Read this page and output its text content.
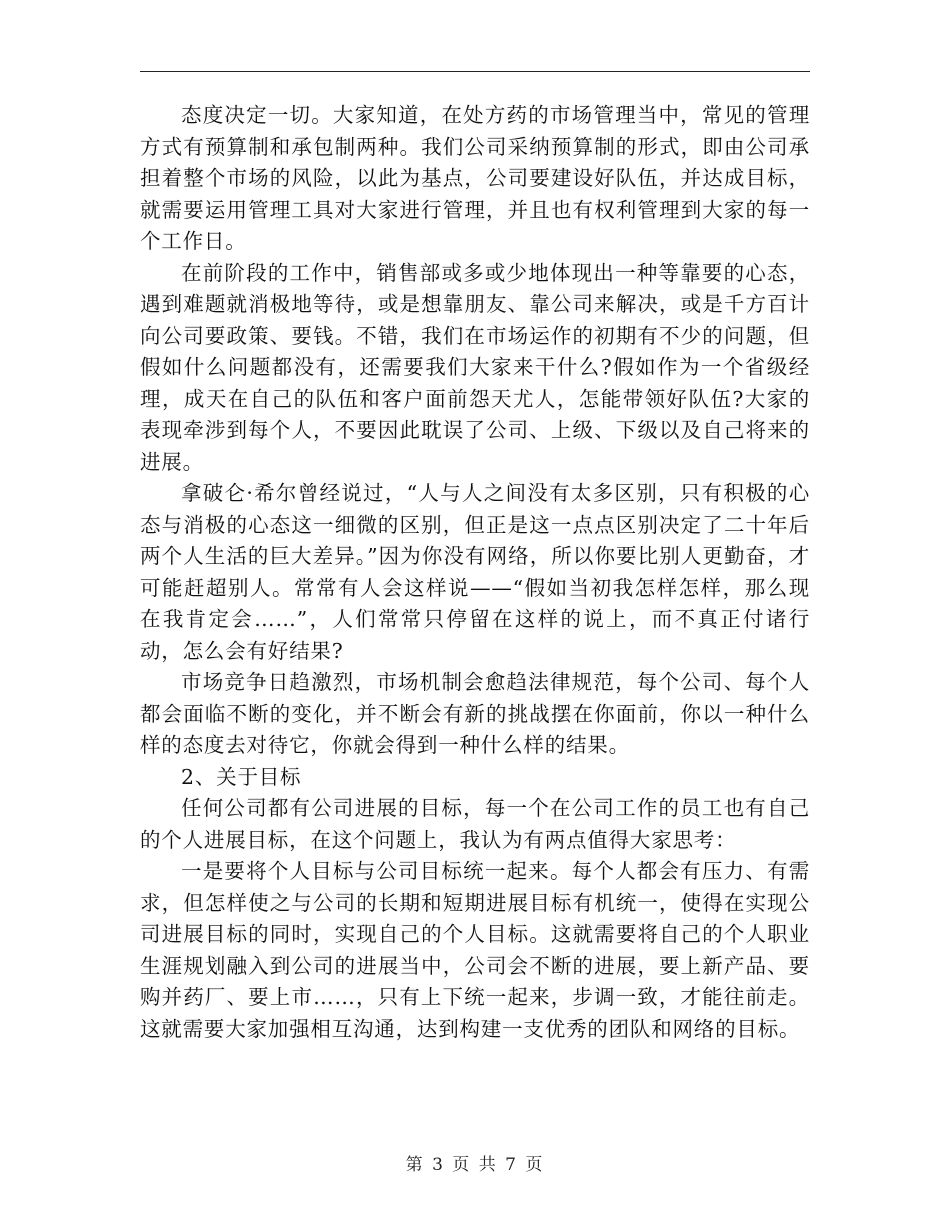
态度决定一切。大家知道，在处方药的市场管理当中，常见的管理方式有预算制和承包制两种。我们公司采纳预算制的形式，即由公司承担着整个市场的风险，以此为基点，公司要建设好队伍，并达成目标，就需要运用管理工具对大家进行管理，并且也有权利管理到大家的每一个工作日。

在前阶段的工作中，销售部或多或少地体现出一种等靠要的心态，遇到难题就消极地等待，或是想靠朋友、靠公司来解决，或是千方百计向公司要政策、要钱。不错，我们在市场运作的初期有不少的问题，但假如什么问题都没有，还需要我们大家来干什么?假如作为一个省级经理，成天在自己的队伍和客户面前怨天尤人，怎能带领好队伍?大家的表现牵涉到每个人，不要因此耽误了公司、上级、下级以及自己将来的进展。

拿破仑·希尔曾经说过，“人与人之间没有太多区别，只有积极的心态与消极的心态这一细微的区别，但正是这一点点区别决定了二十年后两个人生活的巨大差异。”因为你没有网络，所以你要比别人更勤奋，才可能赶超别人。常常有人会这样说——“假如当初我怎样怎样，那么现在我肯定会……”，人们常常只停留在这样的说上，而不真正付诸行动，怎么会有好结果?

市场竞争日趋激烈，市场机制会愈趋法律规范，每个公司、每个人都会面临不断的变化，并不断会有新的挑战摆在你面前，你以一种什么样的态度去对待它，你就会得到一种什么样的结果。

2、关于目标

任何公司都有公司进展的目标，每一个在公司工作的员工也有自己的个人进展目标，在这个问题上，我认为有两点值得大家思考：

一是要将个人目标与公司目标统一起来。每个人都会有压力、有需求，但怎样使之与公司的长期和短期进展目标有机统一，使得在实现公司进展目标的同时，实现自己的个人目标。这就需要将自己的个人职业生涯规划融入到公司的进展当中，公司会不断的进展，要上新产品、要购并药厂、要上市……，只有上下统一起来，步调一致，才能往前走。这就需要大家加强相互沟通，达到构建一支优秀的团队和网络的目标。

第 3 页 共 7 页
